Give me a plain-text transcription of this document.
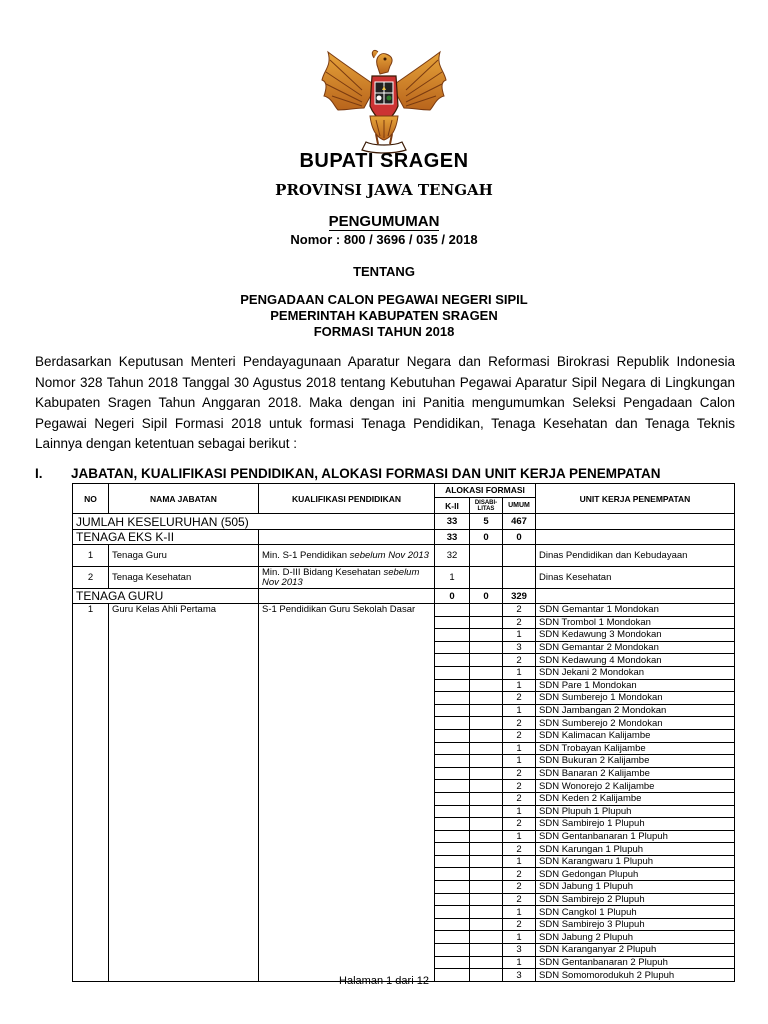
BUPATI SRAGEN
PROVINSI JAWA TENGAH
PENGUMUMAN
Nomor : 800 / 3696 / 035 / 2018
TENTANG
PENGADAAN CALON PEGAWAI NEGERI SIPIL
PEMERINTAH KABUPATEN SRAGEN
FORMASI TAHUN 2018
Berdasarkan Keputusan Menteri Pendayagunaan Aparatur Negara dan Reformasi Birokrasi Republik Indonesia Nomor 328 Tahun 2018 Tanggal 30 Agustus 2018 tentang Kebutuhan Pegawai Aparatur Sipil Negara di Lingkungan Kabupaten Sragen Tahun Anggaran 2018. Maka dengan ini Panitia mengumumkan Seleksi Pengadaan Calon Pegawai Negeri Sipil Formasi 2018 untuk formasi Tenaga Pendidikan, Tenaga Kesehatan dan Tenaga Teknis Lainnya dengan ketentuan sebagai berikut :
I. JABATAN, KUALIFIKASI PENDIDIKAN, ALOKASI FORMASI DAN UNIT KERJA PENEMPATAN
NO	NAMA JABATAN	KUALIFIKASI PENDIDIKAN	ALOKASI FORMASI			UNIT KERJA PENEMPATAN
			K-II	DISABI-LITAS	UMUM	
JUMLAH KESELURUHAN (505)			33	5	467	
TENAGA EKS K-II			33	0	0	
1	Tenaga Guru	Min. S-1 Pendidikan sebelum Nov 2013	32			Dinas Pendidikan dan Kebudayaan
2	Tenaga Kesehatan	Min. D-III Bidang Kesehatan sebelum Nov 2013	1			Dinas Kesehatan
TENAGA GURU			0	0	329	
1	Guru Kelas Ahli Pertama	S-1 Pendidikan Guru Sekolah Dasar			2	SDN Gemantar 1 Mondokan
					2	SDN Trombol 1 Mondokan
					1	SDN Kedawung 3 Mondokan
					3	SDN Gemantar 2 Mondokan
					2	SDN Kedawung 4 Mondokan
					1	SDN Jekani 2 Mondokan
					1	SDN Pare 1 Mondokan
					2	SDN Sumberejo 1 Mondokan
					1	SDN Jambangan 2 Mondokan
					2	SDN Sumberejo 2 Mondokan
					2	SDN Kalimacan Kalijambe
					1	SDN Trobayan Kalijambe
					1	SDN Bukuran 2 Kalijambe
					2	SDN Banaran 2 Kalijambe
					2	SDN Wonorejo 2 Kalijambe
					2	SDN Keden 2 Kalijambe
					1	SDN Plupuh 1 Plupuh
					2	SDN Sambirejo 1 Plupuh
					1	SDN Gentanbanaran 1 Plupuh
					2	SDN Karungan 1 Plupuh
					1	SDN Karangwaru 1 Plupuh
					2	SDN Gedongan Plupuh
					2	SDN Jabung 1 Plupuh
					2	SDN Sambirejo 2 Plupuh
					1	SDN Cangkol 1 Plupuh
					2	SDN Sambirejo 3 Plupuh
					1	SDN Jabung 2 Plupuh
					3	SDN Karanganyar 2 Plupuh
					1	SDN Gentanbanaran 2 Plupuh
					3	SDN Somomorodukuh 2 Plupuh
Halaman 1 dari 12
